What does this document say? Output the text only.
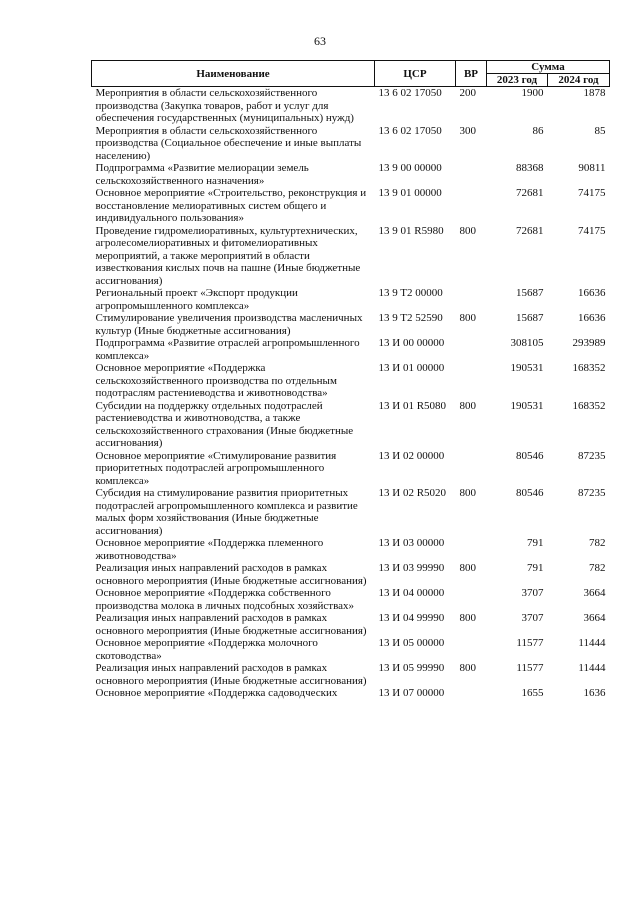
63
Наименование	ЦСР	ВР	Сумма	
			2023 год	2024 год
Мероприятия в области сельскохозяйственного производства (Закупка товаров, работ и услуг для обеспечения государственных (муниципальных) нужд)	13 6 02 17050	200	1900	1878
Мероприятия в области сельскохозяйственного производства (Социальное обеспечение и иные выплаты населению)	13 6 02 17050	300	86	85
Подпрограмма «Развитие мелиорации земель сельскохозяйственного назначения»	13 9 00 00000		88368	90811
Основное мероприятие «Строительство, реконструкция и восстановление мелиоративных систем общего и индивидуального пользования»	13 9 01 00000		72681	74175
Проведение гидромелиоративных, культуртехнических, агролесомелиоративных и фитомелиоративных мероприятий, а также мероприятий в области известкования кислых почв на пашне (Иные бюджетные ассигнования)	13 9 01 R5980	800	72681	74175
Региональный проект «Экспорт продукции агропромышленного комплекса»	13 9 T2 00000		15687	16636
Стимулирование увеличения производства масленичных культур (Иные бюджетные ассигнования)	13 9 T2 52590	800	15687	16636
Подпрограмма «Развитие отраслей агропромышленного комплекса»	13 И 00 00000		308105	293989
Основное мероприятие «Поддержка сельскохозяйственного производства по отдельным подотраслям растениеводства и животноводства»	13 И 01 00000		190531	168352
Субсидии на поддержку отдельных подотраслей растениеводства и животноводства, а также сельскохозяйственного страхования (Иные бюджетные ассигнования)	13 И 01 R5080	800	190531	168352
Основное мероприятие «Стимулирование развития приоритетных подотраслей агропромышленного комплекса»	13 И 02 00000		80546	87235
Субсидия на стимулирование развития приоритетных подотраслей агропромышленного комплекса и развитие малых форм хозяйствования (Иные бюджетные ассигнования)	13 И 02 R5020	800	80546	87235
Основное мероприятие «Поддержка племенного животноводства»	13 И 03 00000		791	782
Реализация иных направлений расходов в рамках основного мероприятия (Иные бюджетные ассигнования)	13 И 03 99990	800	791	782
Основное мероприятие «Поддержка собственного производства молока в личных подсобных хозяйствах»	13 И 04 00000		3707	3664
Реализация иных направлений расходов в рамках основного мероприятия (Иные бюджетные ассигнования)	13 И 04 99990	800	3707	3664
Основное мероприятие «Поддержка молочного скотоводства»	13 И 05 00000		11577	11444
Реализация иных направлений расходов в рамках основного мероприятия (Иные бюджетные ассигнования)	13 И 05 99990	800	11577	11444
Основное мероприятие «Поддержка садоводческих	13 И 07 00000		1655	1636
